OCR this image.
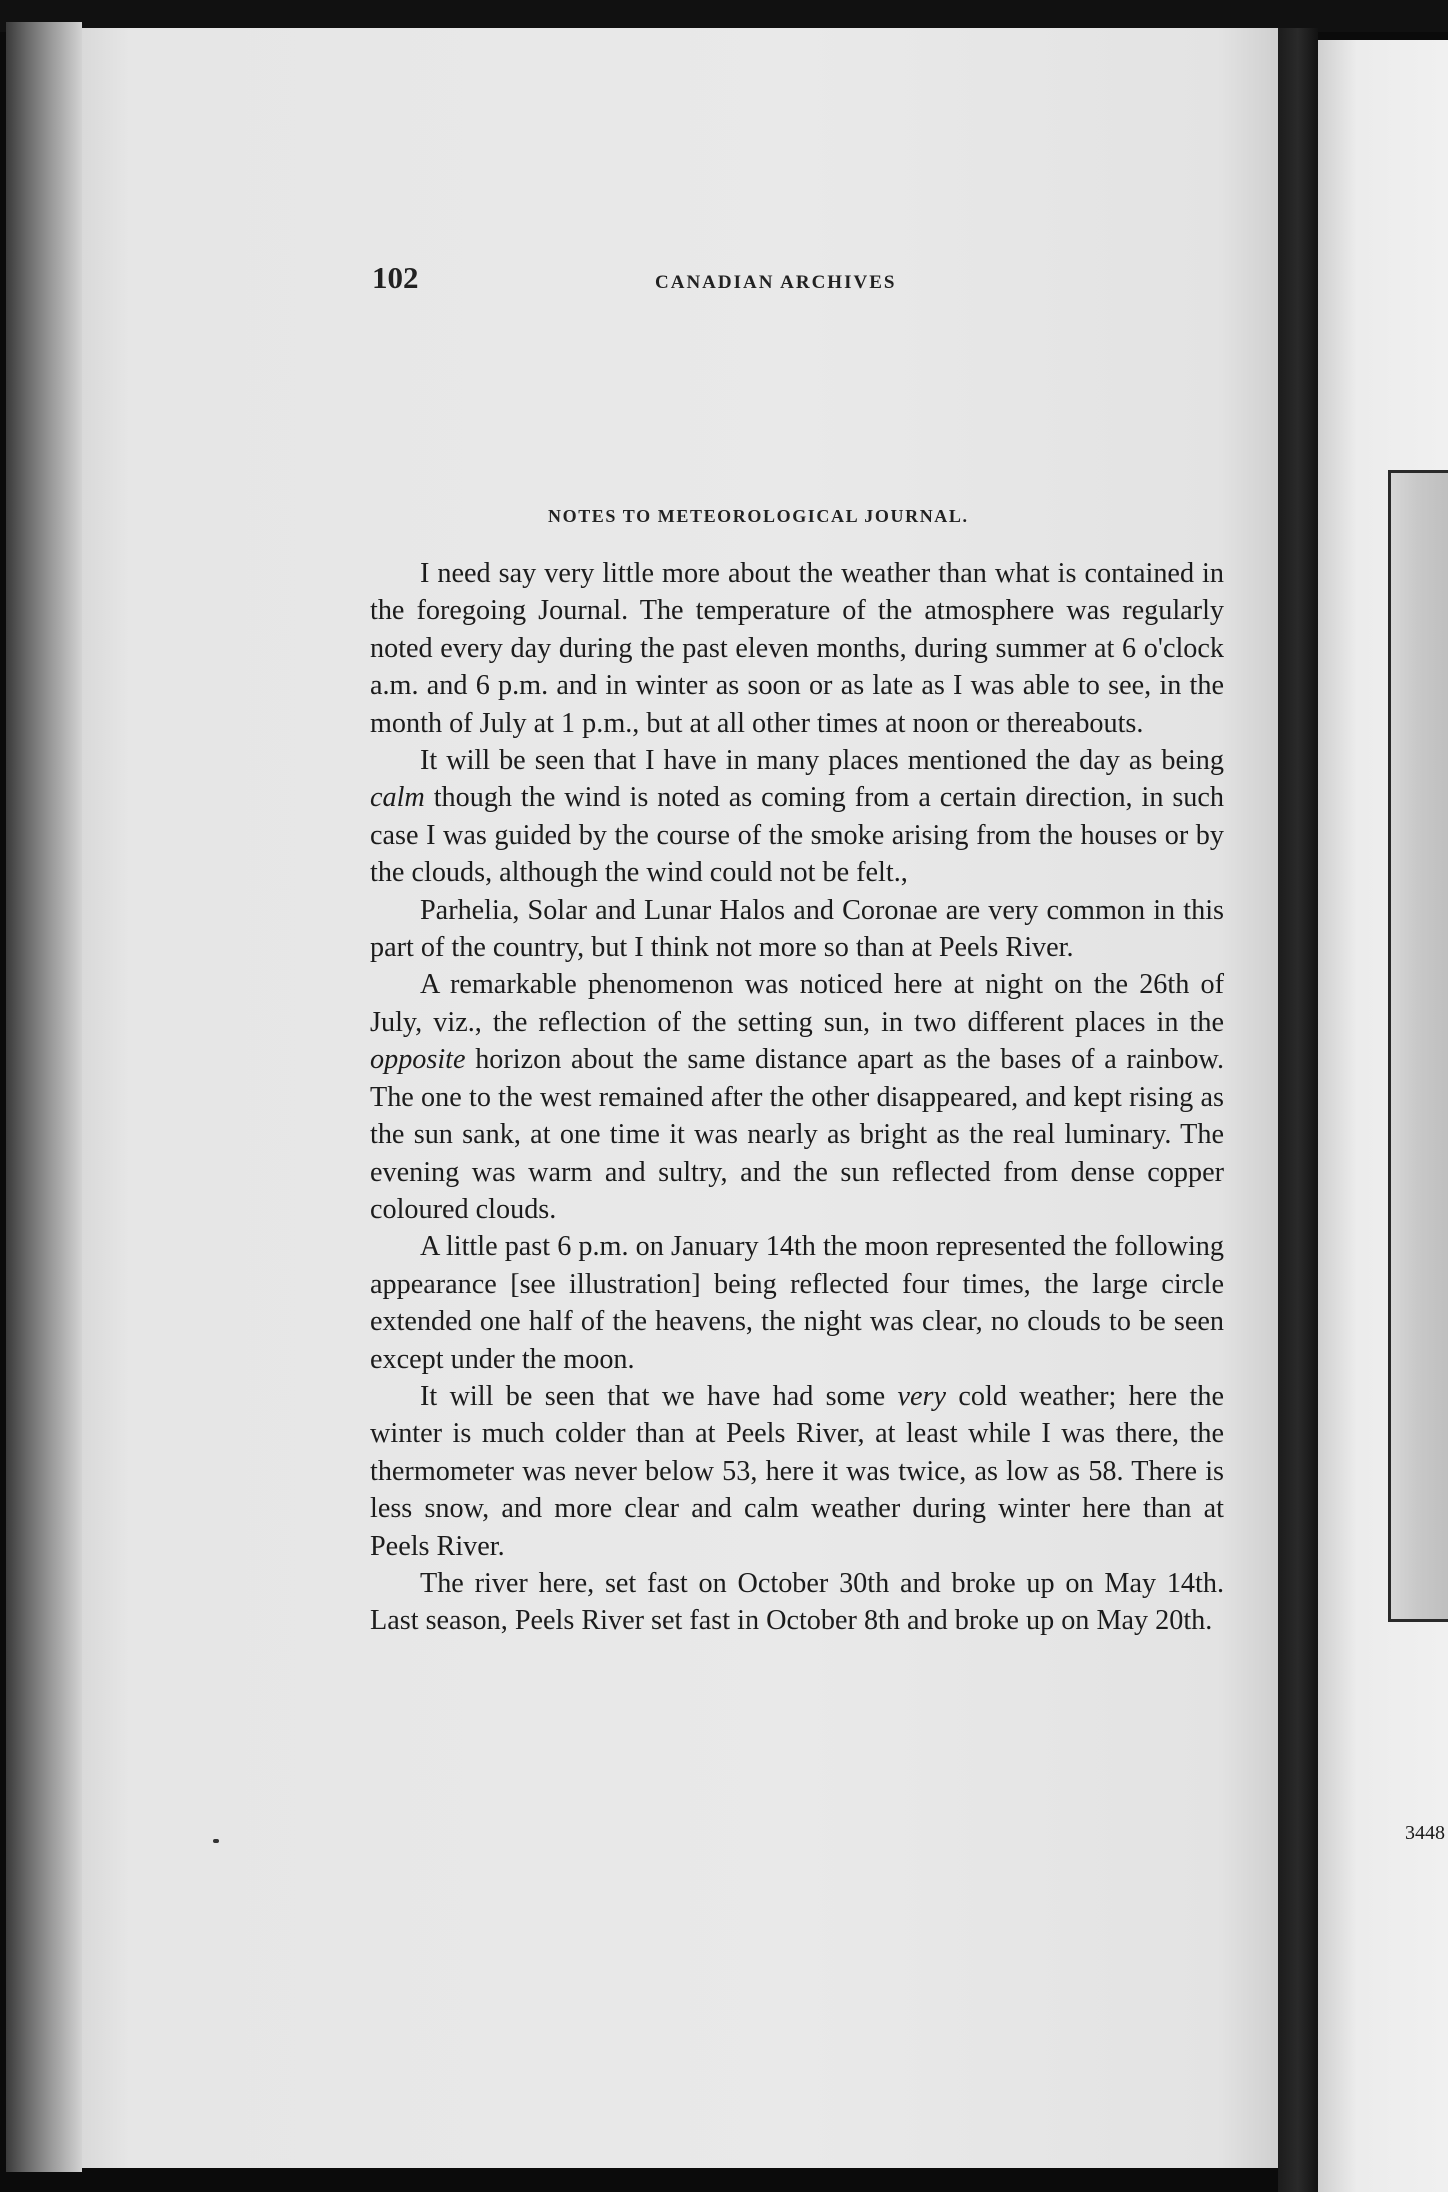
3448
102	CANADIAN ARCHIVES
NOTES TO METEOROLOGICAL JOURNAL.

I need say very little more about the weather than what is contained in the foregoing Journal. The temperature of the atmosphere was regularly noted every day during the past eleven months, during summer at 6 o'clock a.m. and 6 p.m. and in winter as soon or as late as I was able to see, in the month of July at 1 p.m., but at all other times at noon or thereabouts.

It will be seen that I have in many places mentioned the day as being calm though the wind is noted as coming from a certain direction, in such case I was guided by the course of the smoke arising from the houses or by the clouds, although the wind could not be felt.,

Parhelia, Solar and Lunar Halos and Coronae are very common in this part of the country, but I think not more so than at Peels River.

A remarkable phenomenon was noticed here at night on the 26th of July, viz., the reflection of the setting sun, in two different places in the opposite horizon about the same distance apart as the bases of a rainbow. The one to the west remained after the other disappeared, and kept rising as the sun sank, at one time it was nearly as bright as the real luminary. The evening was warm and sultry, and the sun reflected from dense copper coloured clouds.

A little past 6 p.m. on January 14th the moon represented the following appearance [see illustration] being reflected four times, the large circle extended one half of the heavens, the night was clear, no clouds to be seen except under the moon.

It will be seen that we have had some very cold weather; here the winter is much colder than at Peels River, at least while I was there, the thermometer was never below 53, here it was twice, as low as 58. There is less snow, and more clear and calm weather during winter here than at Peels River.

The river here, set fast on October 30th and broke up on May 14th. Last season, Peels River set fast in October 8th and broke up on May 20th.
